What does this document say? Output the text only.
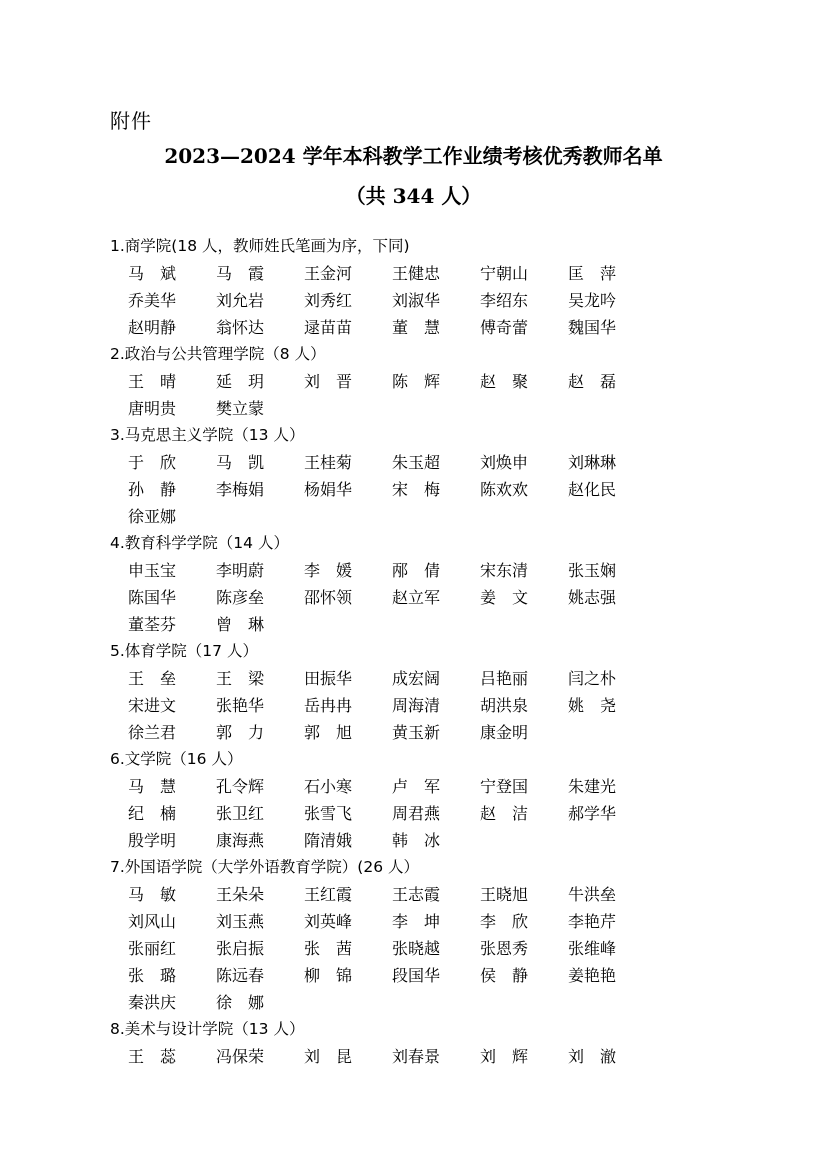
附件
2023—2024 学年本科教学工作业绩考核优秀教师名单
（共 344 人）
1.商学院(18 人，教师姓氏笔画为序，下同)
马　斌	马　霞	王金河	王健忠	宁朝山	匡　萍
乔美华	刘允岩	刘秀红	刘淑华	李绍东	吴龙吟
赵明静	翁怀达	逯苗苗	董　慧	傅奇蕾	魏国华
2.政治与公共管理学院（8 人）
王　晴	延　玥	刘　晋	陈　辉	赵　聚	赵　磊
唐明贵	樊立蒙
3.马克思主义学院（13 人）
于　欣	马　凯	王桂菊	朱玉超	刘焕申	刘琳琳
孙　静	李梅娟	杨娟华	宋　梅	陈欢欢	赵化民
徐亚娜
4.教育科学学院（14 人）
申玉宝	李明蔚	李　媛	邴　倩	宋东清	张玉娴
陈国华	陈彦垒	邵怀领	赵立军	姜　文	姚志强
董荃芬	曾　琳
5.体育学院（17 人）
王　垒	王　梁	田振华	成宏阔	吕艳丽	闫之朴
宋进文	张艳华	岳冉冉	周海清	胡洪泉	姚　尧
徐兰君	郭　力	郭　旭	黄玉新	康金明
6.文学院（16 人）
马　慧	孔令辉	石小寒	卢　军	宁登国	朱建光
纪　楠	张卫红	张雪飞	周君燕	赵　洁	郝学华
殷学明	康海燕	隋清娥	韩　冰
7.外国语学院（大学外语教育学院）(26 人）
马　敏	王朵朵	王红霞	王志霞	王晓旭	牛洪垒
刘风山	刘玉燕	刘英峰	李　坤	李　欣	李艳芹
张丽红	张启振	张　茜	张晓越	张恩秀	张维峰
张　璐	陈远春	柳　锦	段国华	侯　静	姜艳艳
秦洪庆	徐　娜
8.美术与设计学院（13 人）
王　蕊	冯保荣	刘　昆	刘春景	刘　辉	刘　澈
